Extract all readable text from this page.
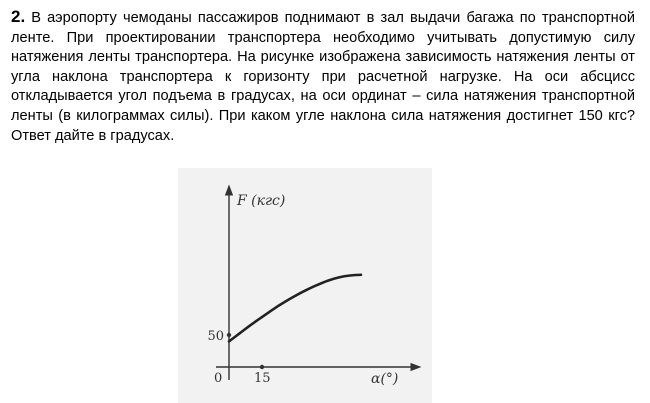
2. В аэропорту чемоданы пассажиров поднимают в зал выдачи багажа по транспортной ленте. При проектировании транспортера необходимо учитывать допустимую силу натяжения ленты транспортера. На рисунке изображена зависимость натяжения ленты от угла наклона транспортера к горизонту при расчетной нагрузке. На оси абсцисс откладывается угол подъема в градусах, на оси ординат – сила натяжения транспортной ленты (в килограммах силы). При каком угле наклона сила натяжения достигнет 150 кгс? Ответ дайте в градусах.

F (кгс)
α(°)
0 15
50
